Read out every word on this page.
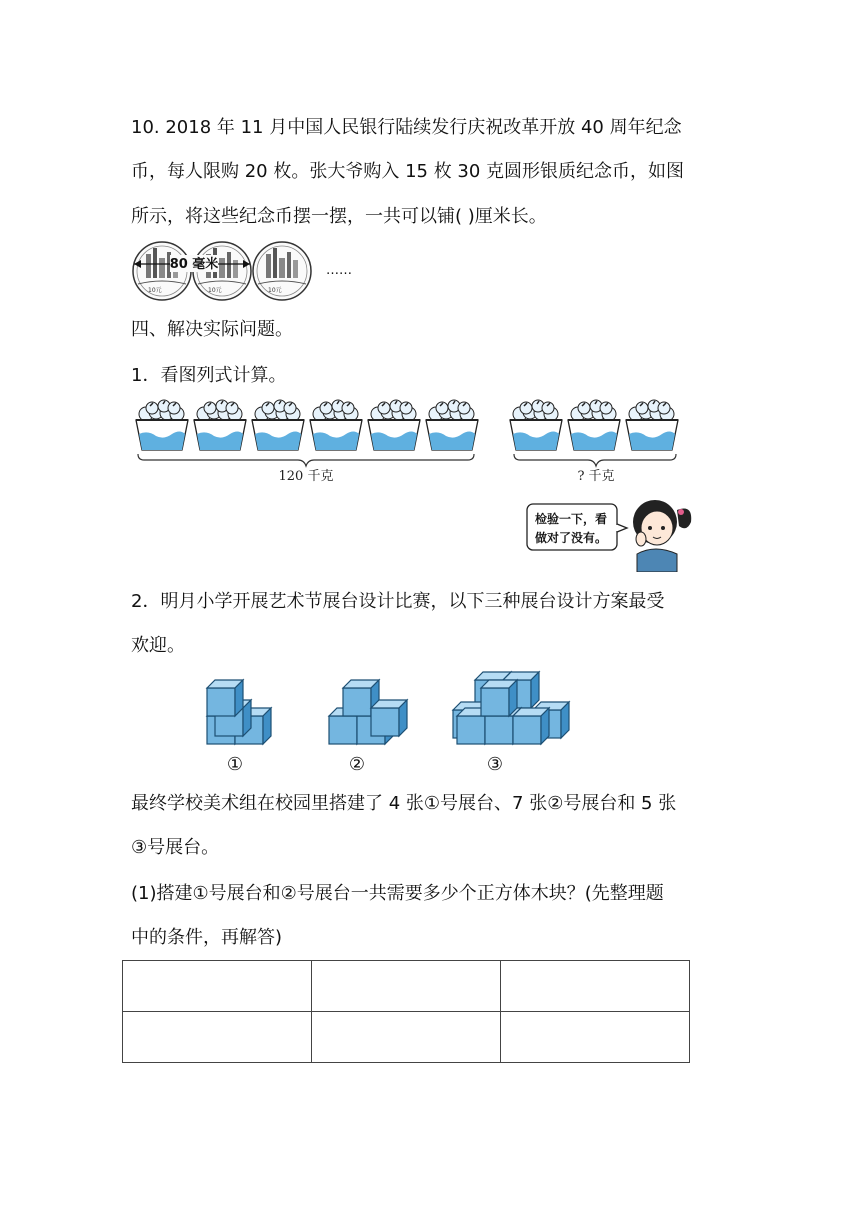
10. 2018 年 11 月中国人民银行陆续发行庆祝改革开放 40 周年纪念
币，每人限购 20 枚。张大爷购入 15 枚 30 克圆形银质纪念币，如图
所示，将这些纪念币摆一摆，一共可以铺( )厘米长。
10元	10元	10元
80 毫米	……
四、解决实际问题。
1．看图列式计算。
120 千克	? 千克
检验一下，看
做对了没有。
2．明月小学开展艺术节展台设计比赛，以下三种展台设计方案最受
欢迎。
①	②	③
最终学校美术组在校园里搭建了 4 张①号展台、7 张②号展台和 5 张
③号展台。
(1)搭建①号展台和②号展台一共需要多少个正方体木块？(先整理题
中的条件，再解答)
